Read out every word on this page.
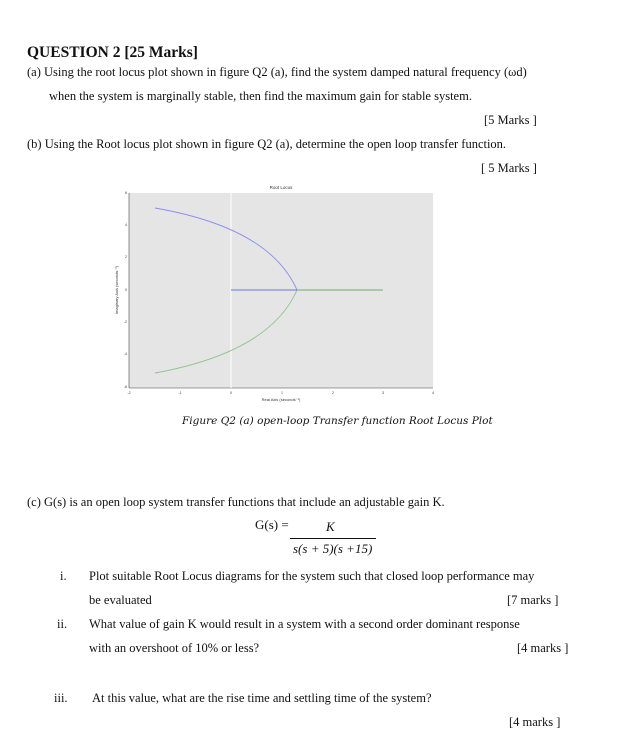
QUESTION 2 [25 Marks]
(a) Using the root locus plot shown in figure Q2 (a), find the system damped natural frequency (ωd)
when the system is marginally stable, then find the maximum gain for stable system.
[5 Marks ]
(b) Using the Root locus plot shown in figure Q2 (a), determine the open loop transfer function.
[ 5 Marks ]
Root Locus
-2	-1	0	1	2	3	4
6
4
2
0
-2
-4
-6
Real Axis (seconds⁻¹)
Imaginary Axis (seconds⁻¹)
Figure Q2 (a) open-loop Transfer function Root Locus Plot
(c) G(s) is an open loop system transfer functions that include an adjustable gain K.
G(s) =	K
s(s + 5)(s +15)
i. Plot suitable Root Locus diagrams for the system such that closed loop performance may
be evaluated	[7 marks ]
ii. What value of gain K would result in a system with a second order dominant response
with an overshoot of 10% or less?	[4 marks ]
iii. At this value, what are the rise time and settling time of the system?
[4 marks ]
